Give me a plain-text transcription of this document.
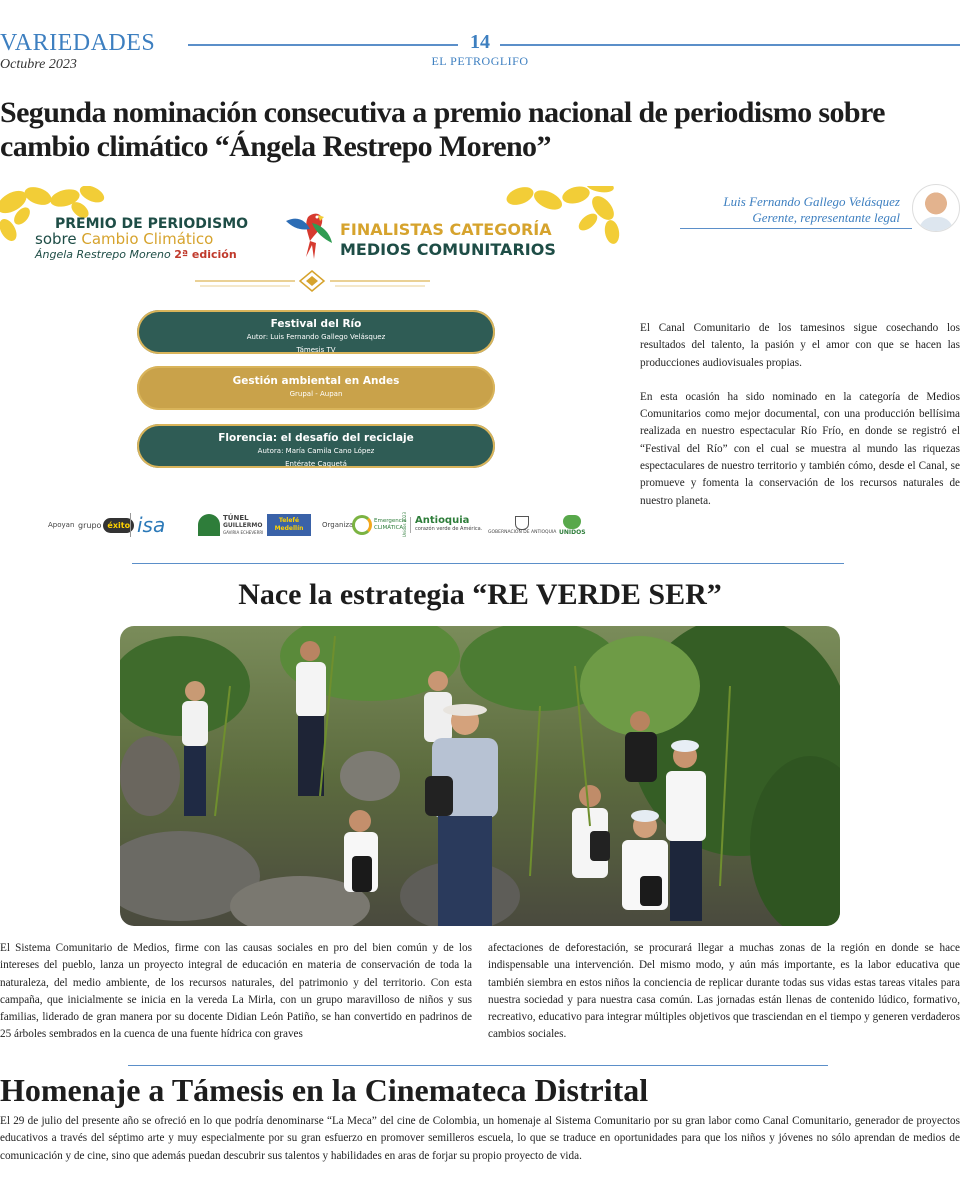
VARIEDADES
Octubre 2023
14
EL PETROGLIFO
Segunda nominación consecutiva a premio nacional de periodismo sobre
cambio climático “Ángela Restrepo Moreno”
PREMIO DE PERIODISMO
sobre Cambio Climático
Ángela Restrepo Moreno 2ª edición
FINALISTAS CATEGORÍA
MEDIOS COMUNITARIOS
Festival del Río
Autor: Luis Fernando Gallego Velásquez
Támesis TV
Gestión ambiental en Andes
Grupal - Aupan
Florencia: el desafío del reciclaje
Autora: María Camila Cano López
Entérate Caquetá
Apoyan grupo éxito isa	TÚNEL
GUILLERMO
GAVIRIA ECHEVERRI
Telefé Medellín	Organiza	Emergencia CLIMÁTICA
Unidos 2023 Antioquia
corazón verde de América. GOBERNACIÓN DE ANTIOQUIA UNIDOS
Luis Fernando Gallego Velásquez
Gerente, representante legal

El Canal Comunitario de los tamesinos sigue cosechando los resultados del talento, la pasión y el amor con que se hacen las producciones audiovisuales propias.

En esta ocasión ha sido nominado en la categoría de Medios Comunitarios como mejor documental, con una producción bellísima realizada en nuestro espectacular Río Frío, en donde se registró el “Festival del Río” con el cual se muestra al mundo las riquezas espectaculares de nuestro territorio y también cómo, desde el Canal, se promueve y fomenta la conservación de los recursos naturales de nuestro planeta.

Nace la estrategia “RE VERDE SER”
El Sistema Comunitario de Medios, firme con las causas sociales en pro del bien común y de los intereses del pueblo, lanza un proyecto integral de educación en materia de conservación de toda la naturaleza, del medio ambiente, de los recursos naturales, del patrimonio y del territorio. Con esta campaña, que inicialmente se inicia en la vereda La Mirla, con un grupo maravilloso de niños y sus familias, liderado de gran manera por su docente Didian León Patiño, se han convertido en padrinos de 25 árboles sembrados en la cuenca de una fuente hídrica con graves
afectaciones de deforestación, se procurará llegar a muchas zonas de la región en donde se hace indispensable una intervención. Del mismo modo, y aún más importante, es la labor educativa que también siembra en estos niños la conciencia de replicar durante todas sus vidas estas tareas vitales para nuestra sociedad y para nuestra casa común. Las jornadas están llenas de contenido lúdico, formativo, recreativo, educativo para integrar múltiples objetivos que trasciendan en el tiempo y generen verdaderos cambios sociales.
Homenaje a Támesis en la Cinemateca Distrital
El 29 de julio del presente año se ofreció en lo que podría denominarse “La Meca” del cine de Colombia, un homenaje al Sistema Comunitario por su gran labor como Canal Comunitario, generador de proyectos educativos a través del séptimo arte y muy especialmente por su gran esfuerzo en promover semilleros escuela, lo que se traduce en oportunidades para que los niños y jóvenes no sólo aprendan de medios de comunicación y de cine, sino que además puedan descubrir sus talentos y habilidades en aras de forjar su propio proyecto de vida.
